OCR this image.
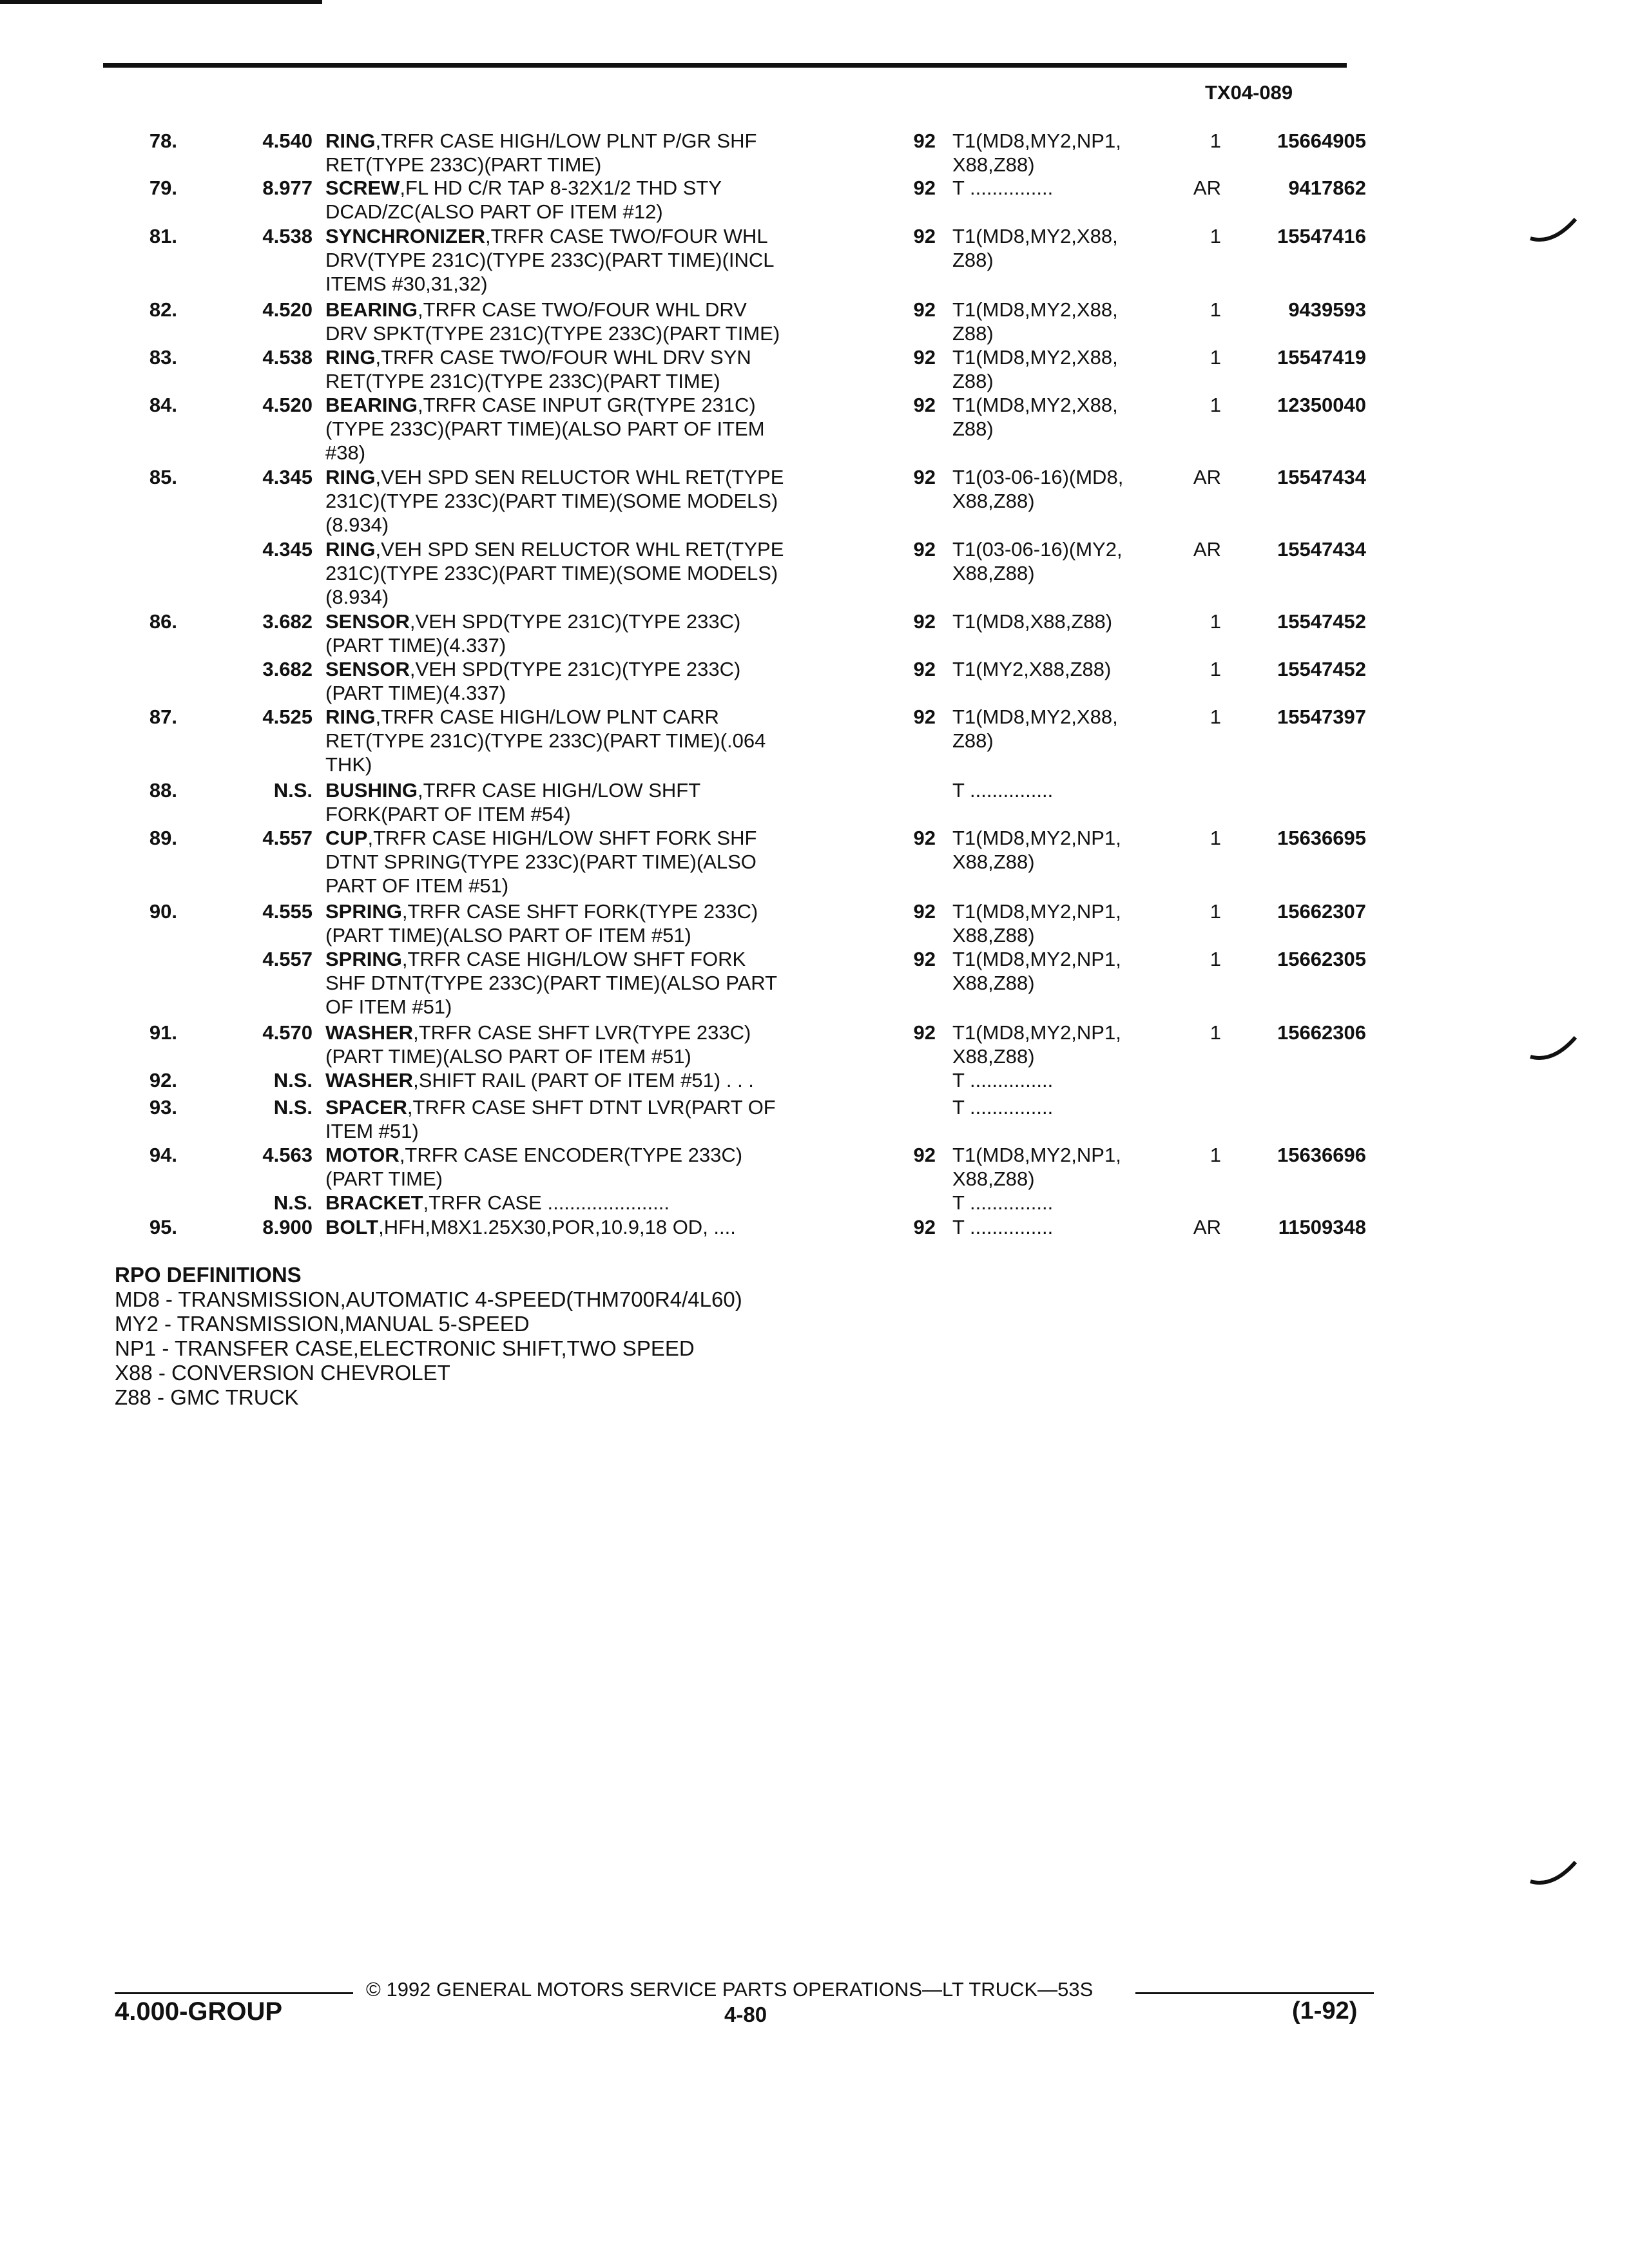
TX04-089
78.	4.540 RING,TRFR CASE HIGH/LOW PLNT P/GR SHF
RET(TYPE 233C)(PART TIME)
92 T1(MD8,MY2,NP1,
X88,Z88)
1	15664905
79.	8.977 SCREW,FL HD C/R TAP 8-32X1/2 THD STY
DCAD/ZC(ALSO PART OF ITEM #12)
92 T ...............	AR	9417862
81.	4.538 SYNCHRONIZER,TRFR CASE TWO/FOUR WHL
DRV(TYPE 231C)(TYPE 233C)(PART TIME)(INCL
ITEMS #30,31,32)
92 T1(MD8,MY2,X88,
Z88)
1	15547416
82.	4.520 BEARING,TRFR CASE TWO/FOUR WHL DRV
DRV SPKT(TYPE 231C)(TYPE 233C)(PART TIME)
92 T1(MD8,MY2,X88,
Z88)
1	9439593
83.	4.538 RING,TRFR CASE TWO/FOUR WHL DRV SYN
RET(TYPE 231C)(TYPE 233C)(PART TIME)
92 T1(MD8,MY2,X88,
Z88)
1	15547419
84.	4.520 BEARING,TRFR CASE INPUT GR(TYPE 231C)
(TYPE 233C)(PART TIME)(ALSO PART OF ITEM
#38)
92 T1(MD8,MY2,X88,
Z88)
1	12350040
85.	4.345 RING,VEH SPD SEN RELUCTOR WHL RET(TYPE
231C)(TYPE 233C)(PART TIME)(SOME MODELS)
(8.934)
92 T1(03-06-16)(MD8,
X88,Z88)
AR	15547434
4.345 RING,VEH SPD SEN RELUCTOR WHL RET(TYPE
231C)(TYPE 233C)(PART TIME)(SOME MODELS)
(8.934)
92 T1(03-06-16)(MY2,
X88,Z88)
AR	15547434
86.	3.682 SENSOR,VEH SPD(TYPE 231C)(TYPE 233C)
(PART TIME)(4.337)
92 T1(MD8,X88,Z88)	1	15547452
3.682 SENSOR,VEH SPD(TYPE 231C)(TYPE 233C)
(PART TIME)(4.337)
92 T1(MY2,X88,Z88)	1	15547452
87.	4.525 RING,TRFR CASE HIGH/LOW PLNT CARR
RET(TYPE 231C)(TYPE 233C)(PART TIME)(.064
THK)
92 T1(MD8,MY2,X88,
Z88)
1	15547397
88.	N.S. BUSHING,TRFR CASE HIGH/LOW SHFT
FORK(PART OF ITEM #54)
T ...............
89.	4.557 CUP,TRFR CASE HIGH/LOW SHFT FORK SHF
DTNT SPRING(TYPE 233C)(PART TIME)(ALSO
PART OF ITEM #51)
92 T1(MD8,MY2,NP1,
X88,Z88)
1	15636695
90.	4.555 SPRING,TRFR CASE SHFT FORK(TYPE 233C)
(PART TIME)(ALSO PART OF ITEM #51)
92 T1(MD8,MY2,NP1,
X88,Z88)
1	15662307
4.557 SPRING,TRFR CASE HIGH/LOW SHFT FORK
SHF DTNT(TYPE 233C)(PART TIME)(ALSO PART
OF ITEM #51)
92 T1(MD8,MY2,NP1,
X88,Z88)
1	15662305
91.	4.570 WASHER,TRFR CASE SHFT LVR(TYPE 233C)
(PART TIME)(ALSO PART OF ITEM #51)
92 T1(MD8,MY2,NP1,
X88,Z88)
1	15662306
92.	N.S. WASHER,SHIFT RAIL (PART OF ITEM #51) . . .	T ...............
93.	N.S. SPACER,TRFR CASE SHFT DTNT LVR(PART OF
ITEM #51)
T ...............
94.	4.563 MOTOR,TRFR CASE ENCODER(TYPE 233C)
(PART TIME)
92 T1(MD8,MY2,NP1,
X88,Z88)
1	15636696
N.S. BRACKET,TRFR CASE ......................	T ...............
95.	8.900 BOLT,HFH,M8X1.25X30,POR,10.9,18 OD, ....	92 T ...............	AR	11509348
RPO DEFINITIONS
MD8 - TRANSMISSION,AUTOMATIC 4-SPEED(THM700R4/4L60)
MY2 - TRANSMISSION,MANUAL 5-SPEED
NP1 - TRANSFER CASE,ELECTRONIC SHIFT,TWO SPEED
X88 - CONVERSION CHEVROLET
Z88 - GMC TRUCK
© 1992 GENERAL MOTORS SERVICE PARTS OPERATIONS—LT TRUCK—53S
4.000-GROUP	4-80	(1-92)
